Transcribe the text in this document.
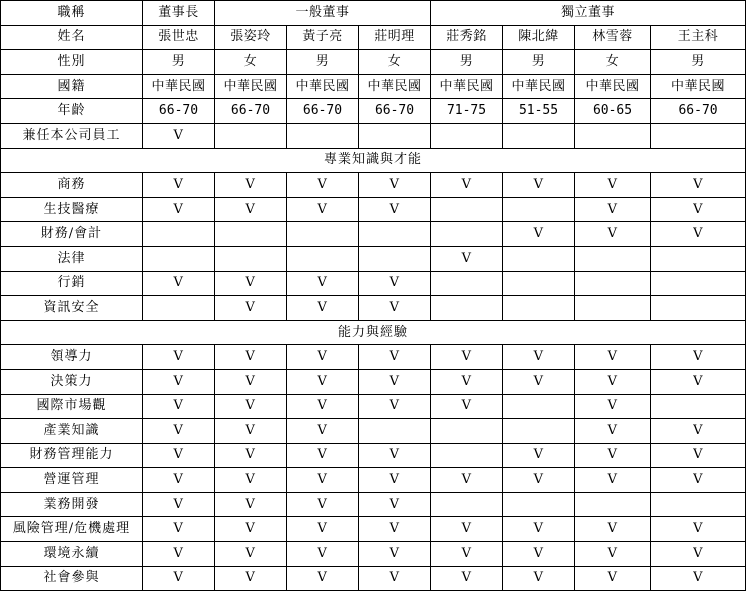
職稱	董事長	一般董事			獨立董事			
姓名	張世忠	張姿玲	黃子亮	莊明理	莊秀銘	陳北緯	林雪蓉	王主科
性別	男	女	男	女	男	男	女	男
國籍	中華民國	中華民國	中華民國	中華民國	中華民國	中華民國	中華民國	中華民國
年齡	66-70	66-70	66-70	66-70	71-75	51-55	60-65	66-70
兼任本公司員工	V							
專業知識與才能								
商務	V	V	V	V	V	V	V	V
生技醫療	V	V	V	V			V	V
財務/會計						V	V	V
法律					V			
行銷	V	V	V	V				
資訊安全		V	V	V				
能力與經驗								
領導力	V	V	V	V	V	V	V	V
決策力	V	V	V	V	V	V	V	V
國際市場觀	V	V	V	V	V		V	
產業知識	V	V	V				V	V
財務管理能力	V	V	V	V		V	V	V
營運管理	V	V	V	V	V	V	V	V
業務開發	V	V	V	V				
風險管理/危機處理	V	V	V	V	V	V	V	V
環境永續	V	V	V	V	V	V	V	V
社會參與	V	V	V	V	V	V	V	V
